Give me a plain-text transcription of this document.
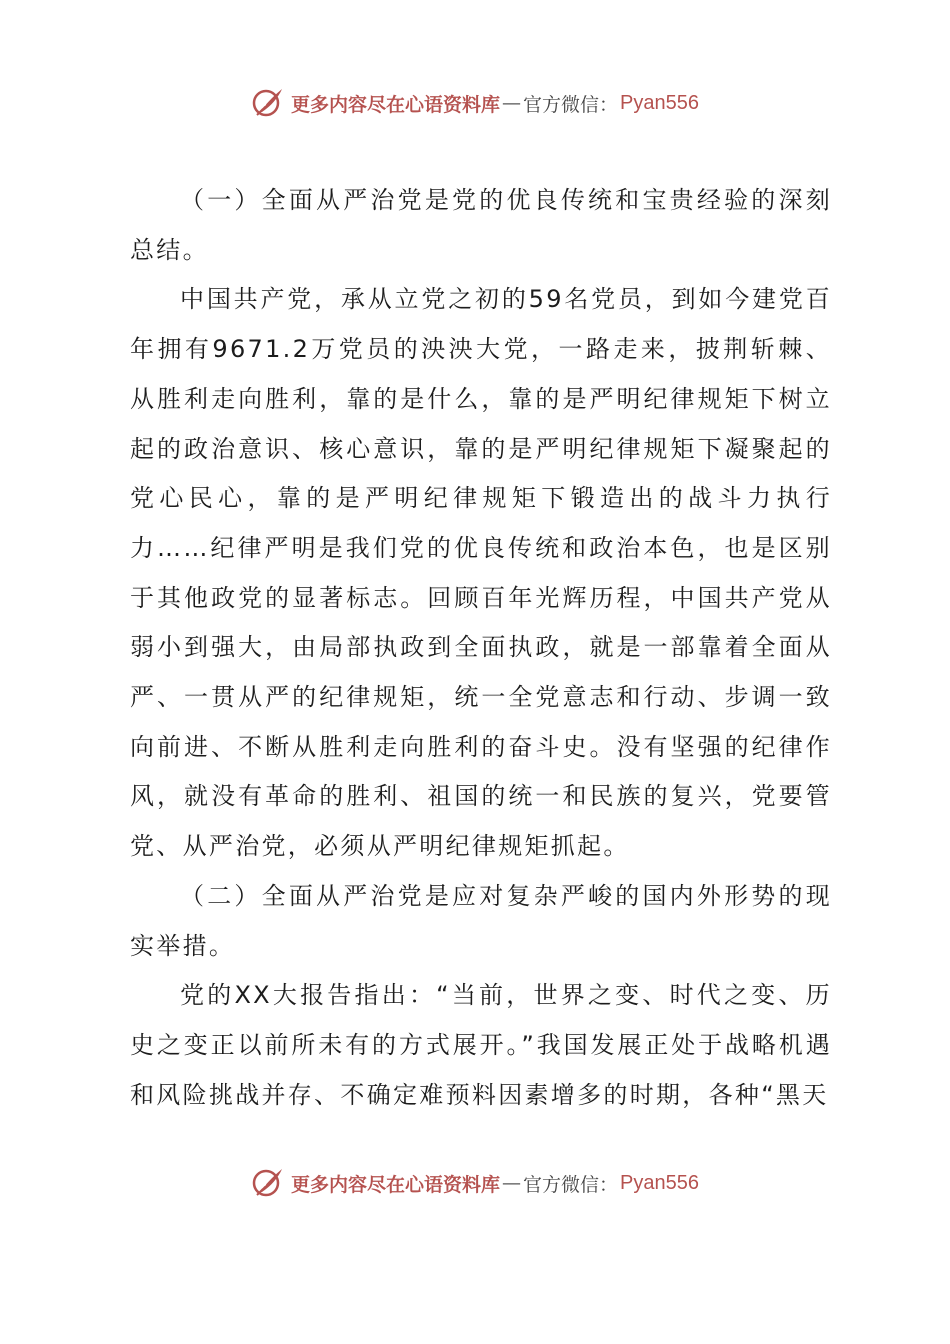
更多内容尽在心语资料库 — 官方微信： Pyan556

（一）全面从严治党是党的优良传统和宝贵经验的深刻总结。

中国共产党，承从立党之初的59名党员，到如今建党百年拥有9671.2万党员的泱泱大党，一路走来，披荆斩棘、从胜利走向胜利，靠的是什么，靠的是严明纪律规矩下树立起的政治意识、核心意识，靠的是严明纪律规矩下凝聚起的党心民心，靠的是严明纪律规矩下锻造出的战斗力执行力……纪律严明是我们党的优良传统和政治本色，也是区别于其他政党的显著标志。回顾百年光辉历程，中国共产党从弱小到强大，由局部执政到全面执政，就是一部靠着全面从严、一贯从严的纪律规矩，统一全党意志和行动、步调一致向前进、不断从胜利走向胜利的奋斗史。没有坚强的纪律作风，就没有革命的胜利、祖国的统一和民族的复兴，党要管党、从严治党，必须从严明纪律规矩抓起。

（二）全面从严治党是应对复杂严峻的国内外形势的现实举措。

党的XX大报告指出：“当前，世界之变、时代之变、历史之变正以前所未有的方式展开。”我国发展正处于战略机遇和风险挑战并存、不确定难预料因素增多的时期，各种“黑天

更多内容尽在心语资料库 — 官方微信： Pyan556
